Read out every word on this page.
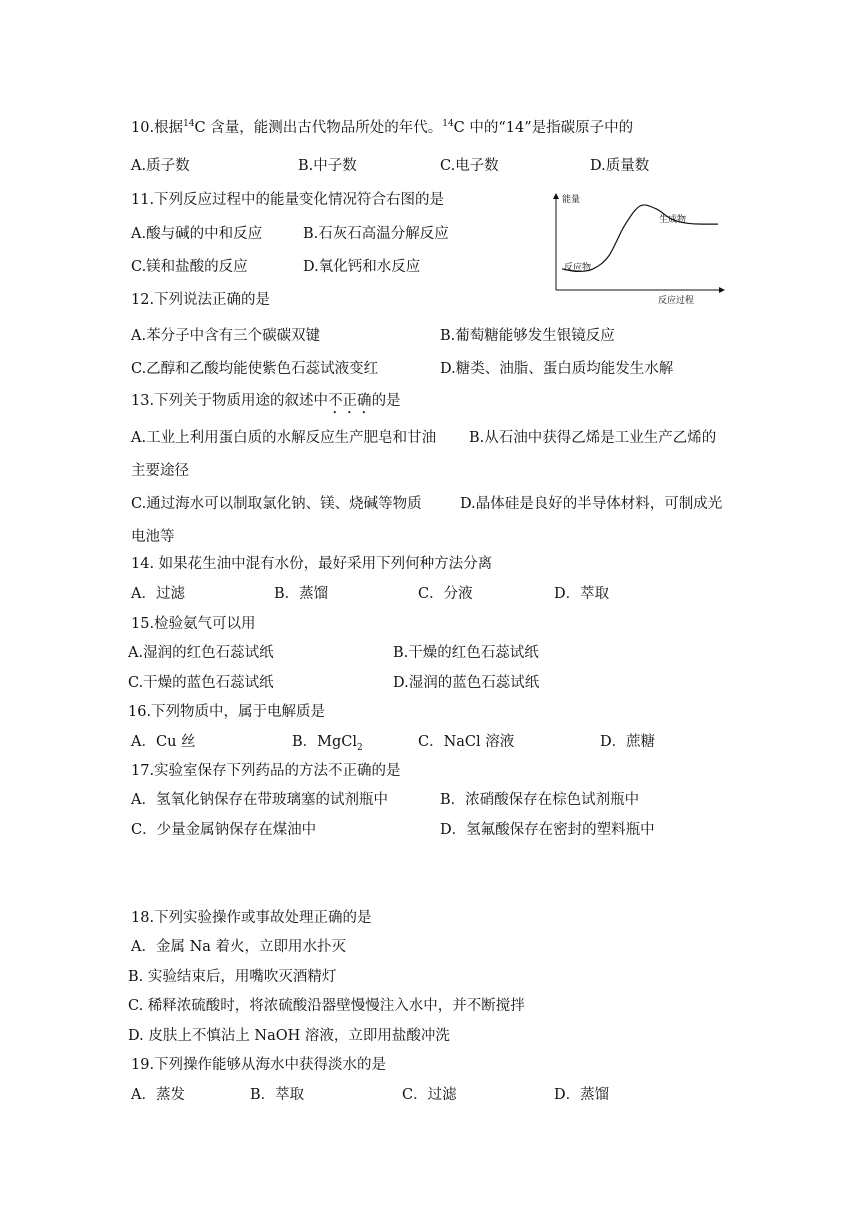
10.根据$^{14}$C 含量，能测出古代物品所处的年代。$^{14}$C 中的“14”是指碳原子中的
A.质子数	B.中子数	C.电子数	D.质量数
11.下列反应过程中的能量变化情况符合右图的是
A.酸与碱的中和反应	B.石灰石高温分解反应
C.镁和盐酸的反应	D.氧化钙和水反应
能量
反应过程
反应物
生成物
12.下列说法正确的是
A.苯分子中含有三个碳碳双键	B.葡萄糖能够发生银镜反应
C.乙醇和乙酸均能使紫色石蕊试液变红	D.糖类、油脂、蛋白质均能发生水解
13.下列关于物质用途的叙述中不正确的是
A.工业上利用蛋白质的水解反应生产肥皂和甘油 B.从石油中获得乙烯是工业生产乙烯的
主要途径
C.通过海水可以制取氯化钠、镁、烧碱等物质	D.晶体硅是良好的半导体材料，可制成光
电池等
14. 如果花生油中混有水份，最好采用下列何种方法分离
A．过滤	B．蒸馏	C．分液	D．萃取
15.检验氨气可以用
A.湿润的红色石蕊试纸	B.干燥的红色石蕊试纸
C.干燥的蓝色石蕊试纸	D.湿润的蓝色石蕊试纸
16.下列物质中，属于电解质是
A．Cu 丝	B．MgCl$_2$	C．NaCl 溶液	D．蔗糖
17.实验室保存下列药品的方法不正确的是
A．氢氧化钠保存在带玻璃塞的试剂瓶中	B．浓硝酸保存在棕色试剂瓶中
C．少量金属钠保存在煤油中	D．氢氟酸保存在密封的塑料瓶中
18.下列实验操作或事故处理正确的是
A．金属 Na 着火，立即用水扑灭
B. 实验结束后，用嘴吹灭酒精灯
C. 稀释浓硫酸时，将浓硫酸沿器壁慢慢注入水中，并不断搅拌
D. 皮肤上不慎沾上 NaOH 溶液，立即用盐酸冲洗
19.下列操作能够从海水中获得淡水的是
A．蒸发	B．萃取	C．过滤	D．蒸馏
